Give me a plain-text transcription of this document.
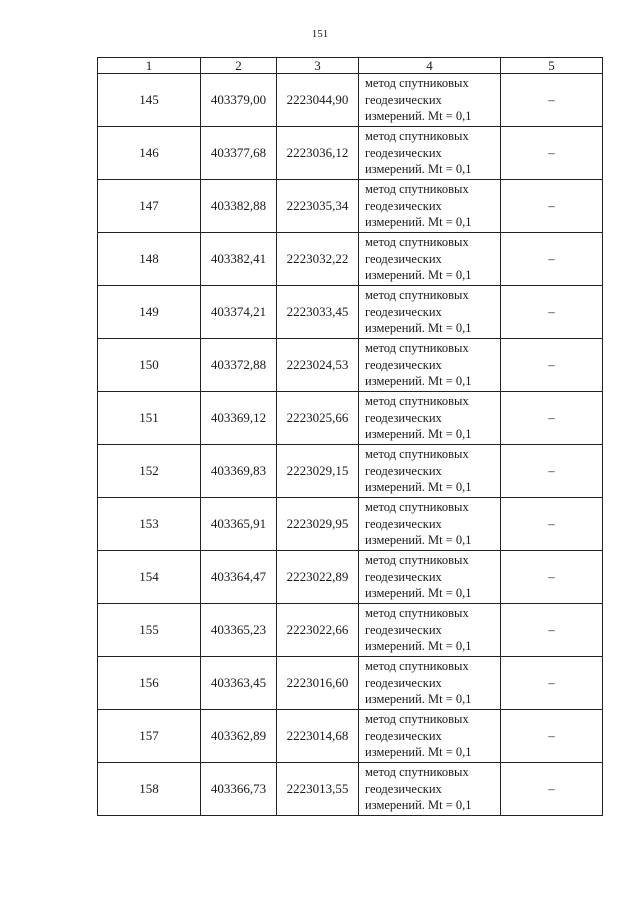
151
1	2	3	4	5
145	403379,00	2223044,90	метод спутниковых
геодезических
измерений. Mt = 0,1	–
146	403377,68	2223036,12	метод спутниковых
геодезических
измерений. Mt = 0,1	–
147	403382,88	2223035,34	метод спутниковых
геодезических
измерений. Mt = 0,1	–
148	403382,41	2223032,22	метод спутниковых
геодезических
измерений. Mt = 0,1	–
149	403374,21	2223033,45	метод спутниковых
геодезических
измерений. Mt = 0,1	–
150	403372,88	2223024,53	метод спутниковых
геодезических
измерений. Mt = 0,1	–
151	403369,12	2223025,66	метод спутниковых
геодезических
измерений. Mt = 0,1	–
152	403369,83	2223029,15	метод спутниковых
геодезических
измерений. Mt = 0,1	–
153	403365,91	2223029,95	метод спутниковых
геодезических
измерений. Mt = 0,1	–
154	403364,47	2223022,89	метод спутниковых
геодезических
измерений. Mt = 0,1	–
155	403365,23	2223022,66	метод спутниковых
геодезических
измерений. Mt = 0,1	–
156	403363,45	2223016,60	метод спутниковых
геодезических
измерений. Mt = 0,1	–
157	403362,89	2223014,68	метод спутниковых
геодезических
измерений. Mt = 0,1	–
158	403366,73	2223013,55	метод спутниковых
геодезических
измерений. Mt = 0,1	–
